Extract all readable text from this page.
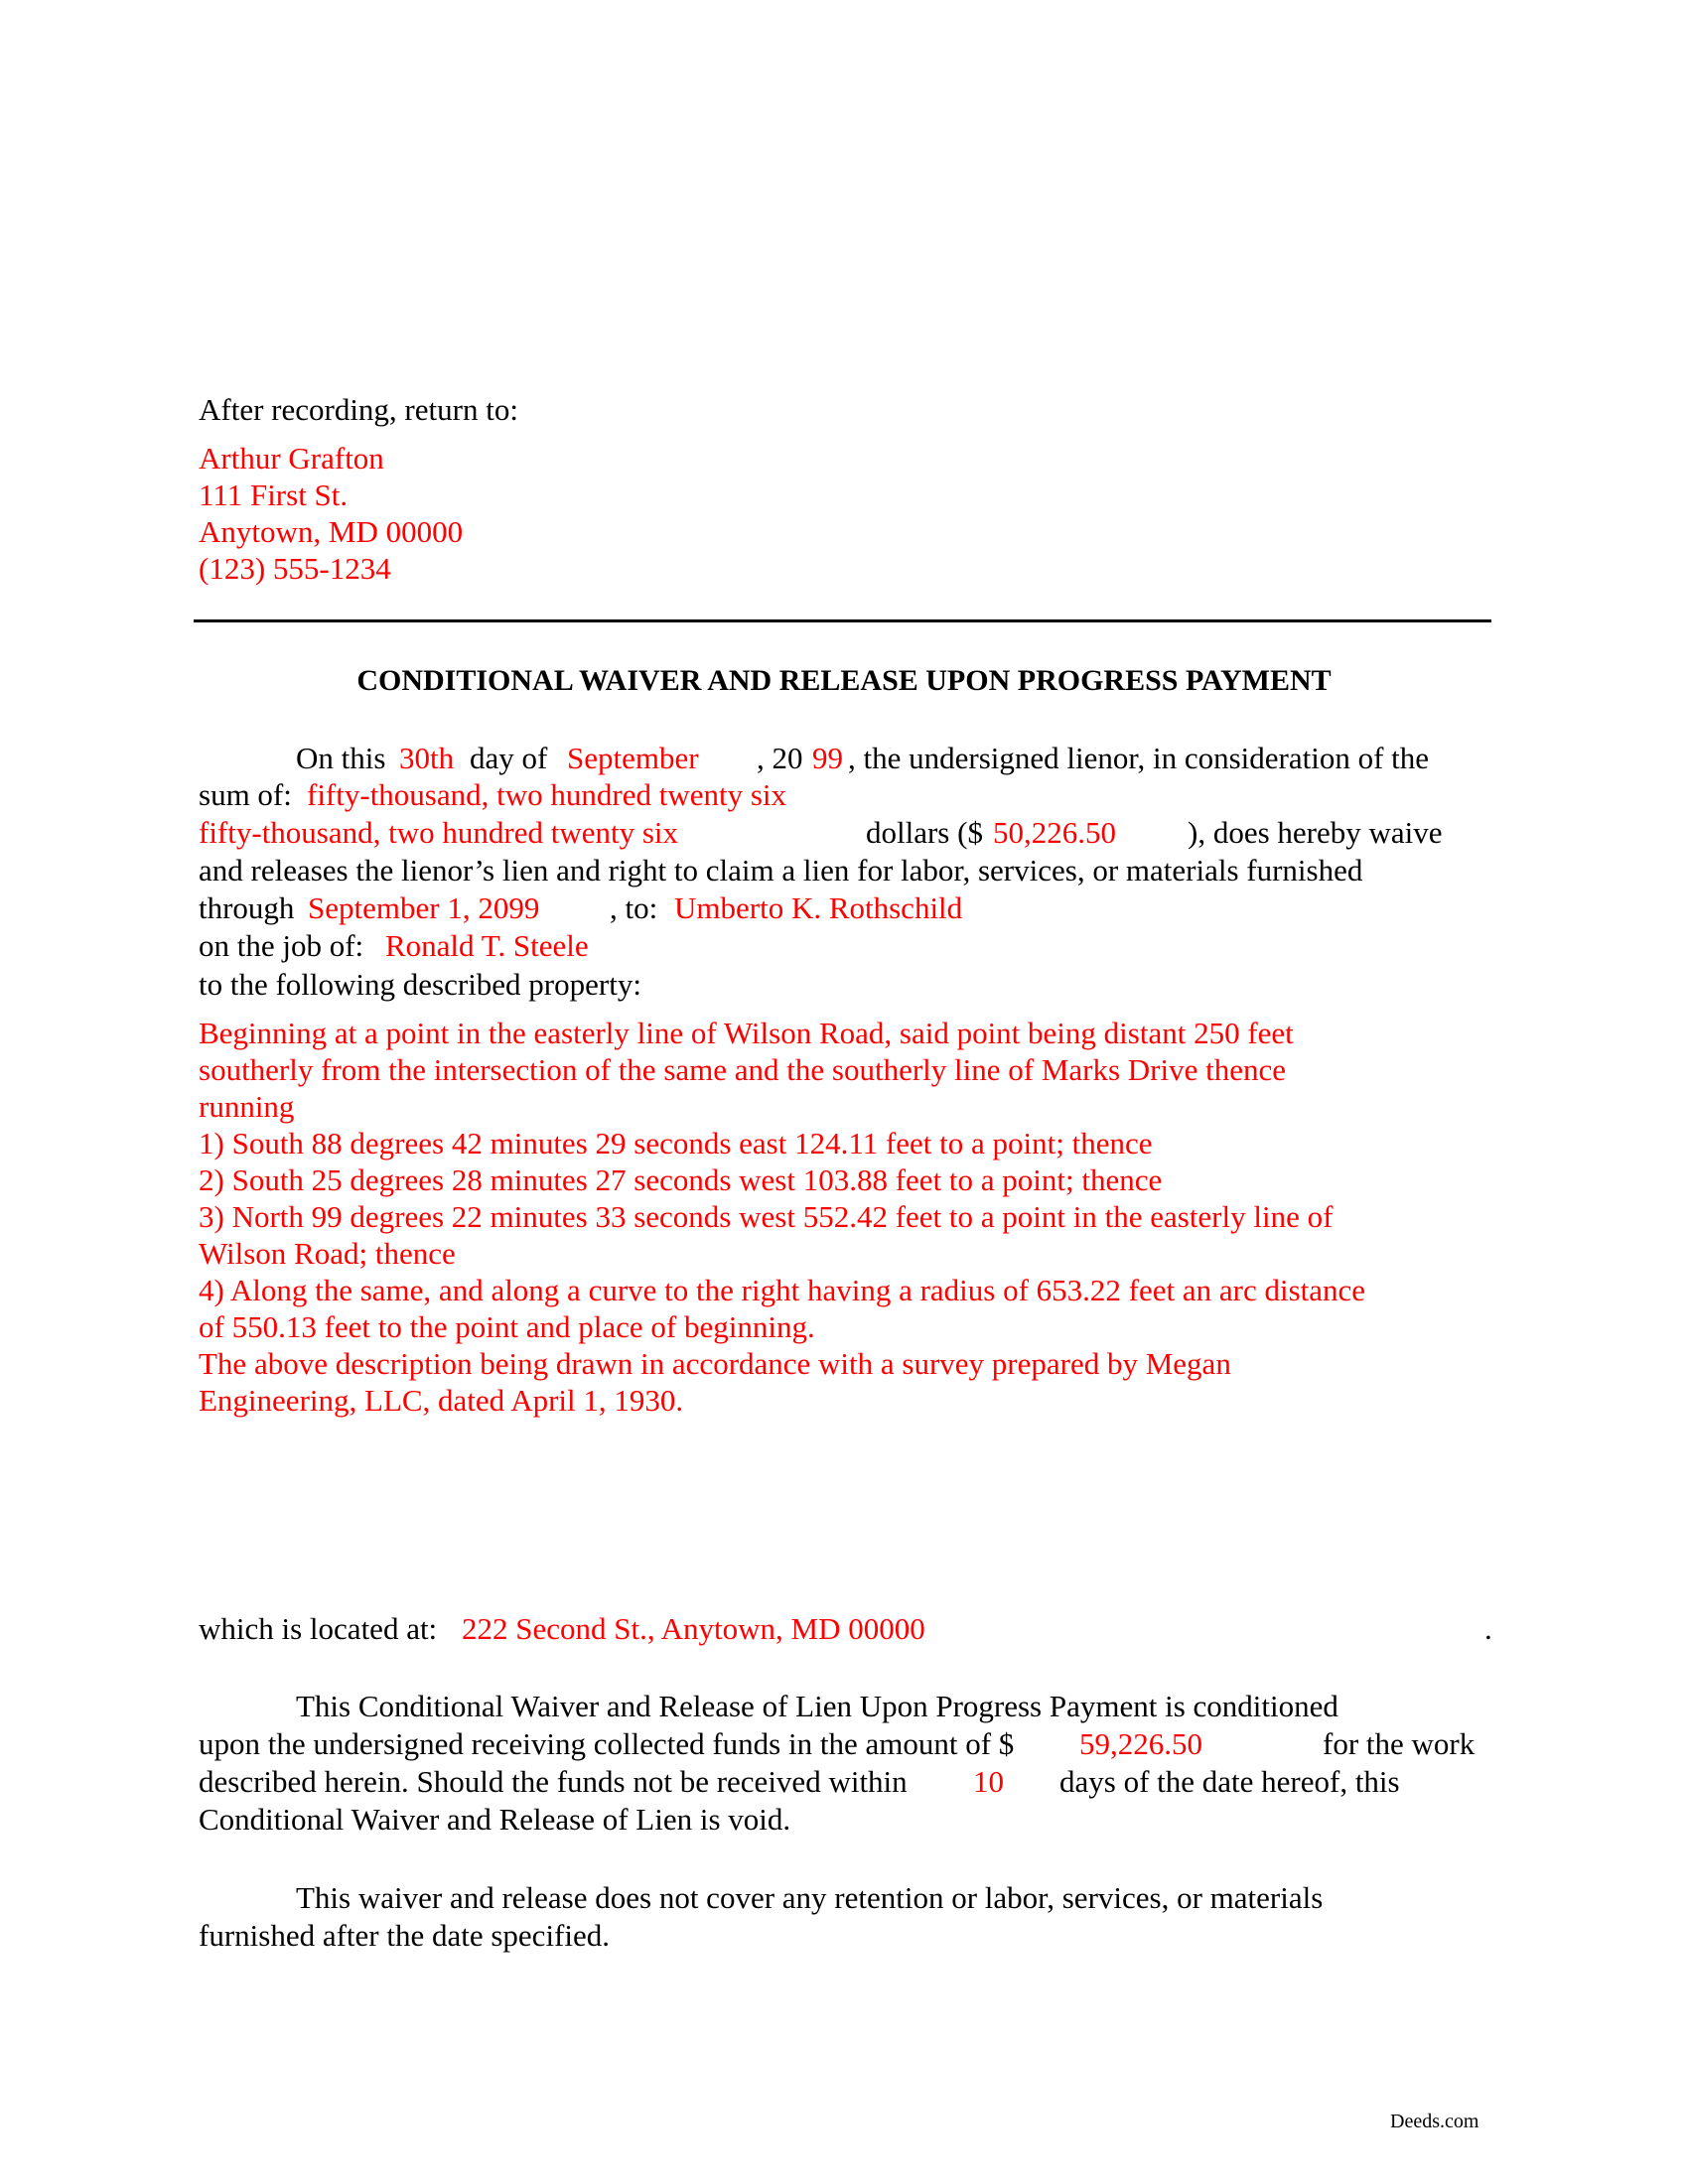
After recording, return to:
Arthur Grafton
111 First St.
Anytown, MD 00000
(123) 555-1234
CONDITIONAL WAIVER AND RELEASE UPON PROGRESS PAYMENT
On this 30th day of September , 20 99 , the undersigned lienor, in consideration of the
sum of: fifty-thousand, two hundred twenty six
fifty-thousand, two hundred twenty six	dollars ($ 50,226.50 ), does hereby waive
and releases the lienor’s lien and right to claim a lien for labor, services, or materials furnished
through September 1, 2099 , to: Umberto K. Rothschild
on the job of: Ronald T. Steele
to the following described property:
Beginning at a point in the easterly line of Wilson Road, said point being distant 250 feet
southerly from the intersection of the same and the southerly line of Marks Drive thence
running
1) South 88 degrees 42 minutes 29 seconds east 124.11 feet to a point; thence
2) South 25 degrees 28 minutes 27 seconds west 103.88 feet to a point; thence
3) North 99 degrees 22 minutes 33 seconds west 552.42 feet to a point in the easterly line of
Wilson Road; thence
4) Along the same, and along a curve to the right having a radius of 653.22 feet an arc distance
of 550.13 feet to the point and place of beginning.
The above description being drawn in accordance with a survey prepared by Megan
Engineering, LLC, dated April 1, 1930.
which is located at: 222 Second St., Anytown, MD 00000	.
This Conditional Waiver and Release of Lien Upon Progress Payment is conditioned
upon the undersigned receiving collected funds in the amount of $ 59,226.50	for the work
described herein. Should the funds not be received within 10 days of the date hereof, this
Conditional Waiver and Release of Lien is void.
This waiver and release does not cover any retention or labor, services, or materials
furnished after the date specified.
Deeds.com
